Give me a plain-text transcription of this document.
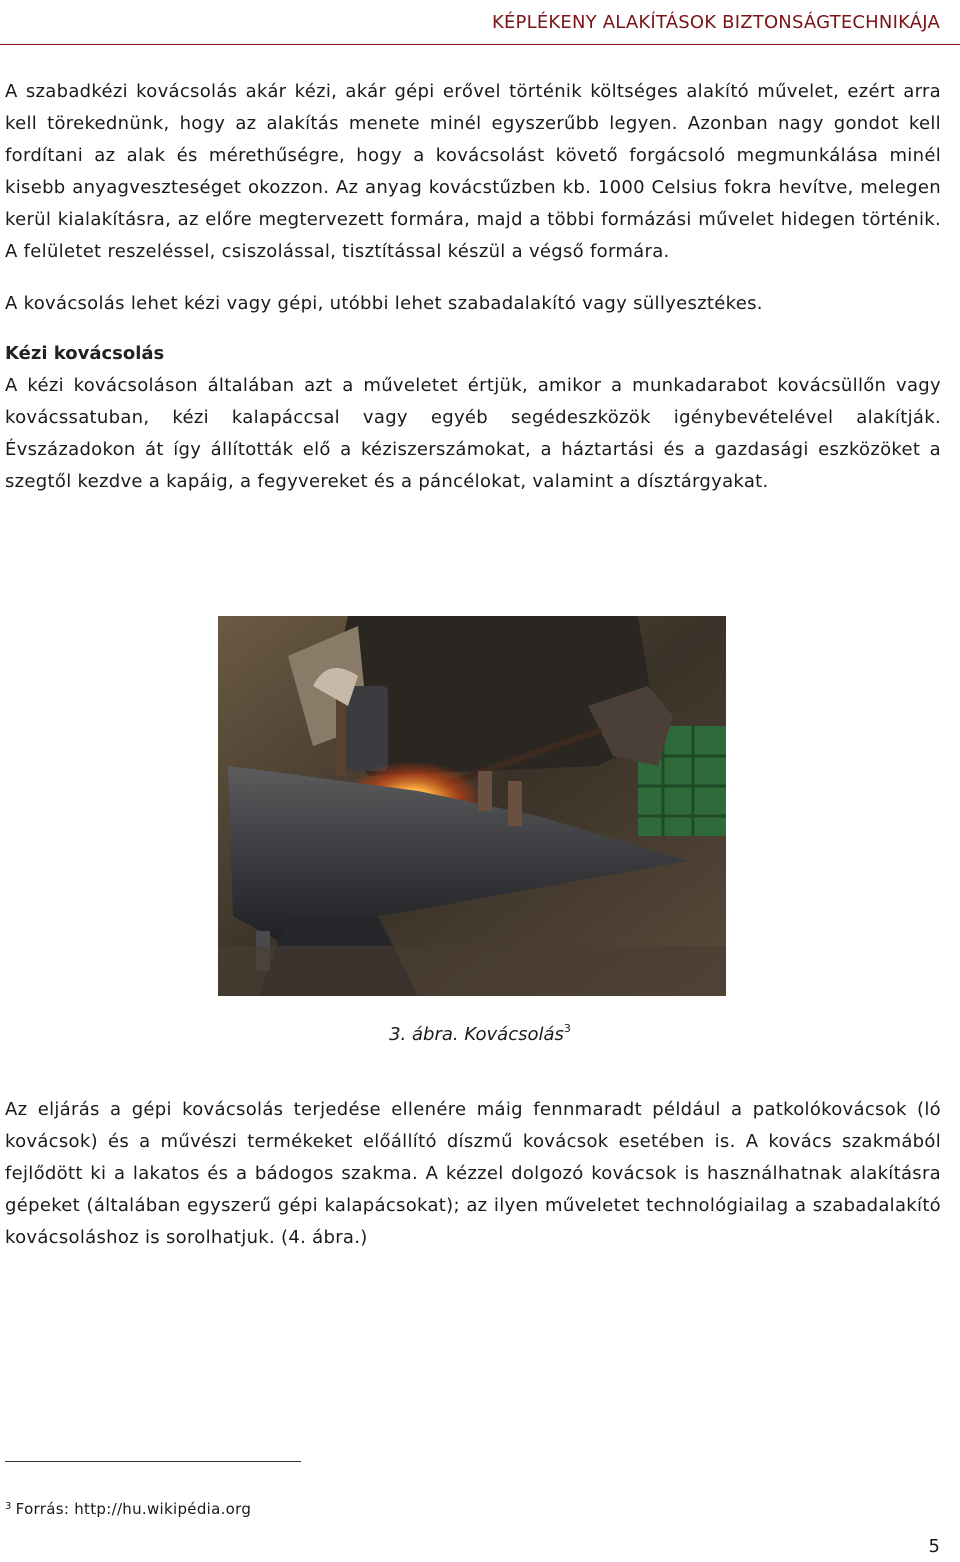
KÉPLÉKENY ALAKÍTÁSOK BIZTONSÁGTECHNIKÁJA

A szabadkézi kovácsolás akár kézi, akár gépi erővel történik költséges alakító művelet, ezért arra kell törekednünk, hogy az alakítás menete minél egyszerűbb legyen. Azonban nagy gondot kell fordítani az alak és mérethűségre, hogy a kovácsolást követő forgácsoló megmunkálása minél kisebb anyagveszteséget okozzon. Az anyag kovácstűzben kb. 1000 Celsius fokra hevítve, melegen kerül kialakításra, az előre megtervezett formára, majd a többi formázási művelet hidegen történik. A felületet reszeléssel, csiszolással, tisztítással készül a végső formára.

A kovácsolás lehet kézi vagy gépi, utóbbi lehet szabadalakító vagy süllyesztékes.

Kézi kovácsolás

A kézi kovácsoláson általában azt a műveletet értjük, amikor a munkadarabot kovácsüllőn vagy kovácssatuban, kézi kalapáccsal vagy egyéb segédeszközök igénybevételével alakítják. Évszázadokon át így állították elő a kéziszerszámokat, a háztartási és a gazdasági eszközöket a szegtől kezdve a kapáig, a fegyvereket és a páncélokat, valamint a dísztárgyakat.

3. ábra. Kovácsolás$^3$

Az eljárás a gépi kovácsolás terjedése ellenére máig fennmaradt például a patkolókovácsok (ló kovácsok) és a művészi termékeket előállító díszmű kovácsok esetében is. A kovács szakmából fejlődött ki a lakatos és a bádogos szakma. A kézzel dolgozó kovácsok is használhatnak alakításra gépeket (általában egyszerű gépi kalapácsokat); az ilyen műveletet technológiailag a szabadalakító kovácsoláshoz is sorolhatjuk. (4. ábra.)

$^3$ Forrás: http://hu.wikipédia.org
5
